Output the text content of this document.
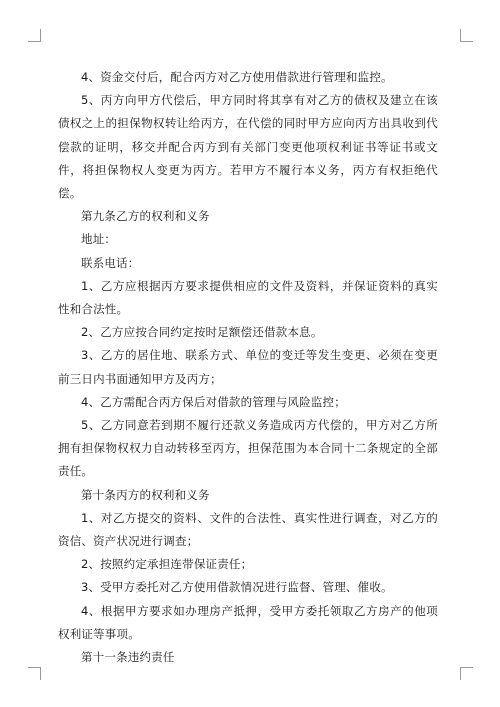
4、资金交付后，配合丙方对乙方使用借款进行管理和监控。

5、丙方向甲方代偿后，甲方同时将其享有对乙方的债权及建立在该债权之上的担保物权转让给丙方，在代偿的同时甲方应向丙方出具收到代偿款的证明，移交并配合丙方到有关部门变更他项权利证书等证书或文件，将担保物权人变更为丙方。若甲方不履行本义务，丙方有权拒绝代偿。

第九条乙方的权利和义务

地址：

联系电话：

1、乙方应根据丙方要求提供相应的文件及资料，并保证资料的真实性和合法性。

2、乙方应按合同约定按时足额偿还借款本息。

3、乙方的居住地、联系方式、单位的变迁等发生变更、必须在变更前三日内书面通知甲方及丙方；

4、乙方需配合丙方保后对借款的管理与风险监控；

5、乙方同意若到期不履行还款义务造成丙方代偿的，甲方对乙方所拥有担保物权权力自动转移至丙方，担保范围为本合同十二条规定的全部责任。

第十条丙方的权利和义务

1、对乙方提交的资料、文件的合法性、真实性进行调查，对乙方的资信、资产状况进行调查；

2、按照约定承担连带保证责任；

3、受甲方委托对乙方使用借款情况进行监督、管理、催收。

4、根据甲方要求如办理房产抵押，受甲方委托领取乙方房产的他项权利证等事项。

第十一条违约责任
